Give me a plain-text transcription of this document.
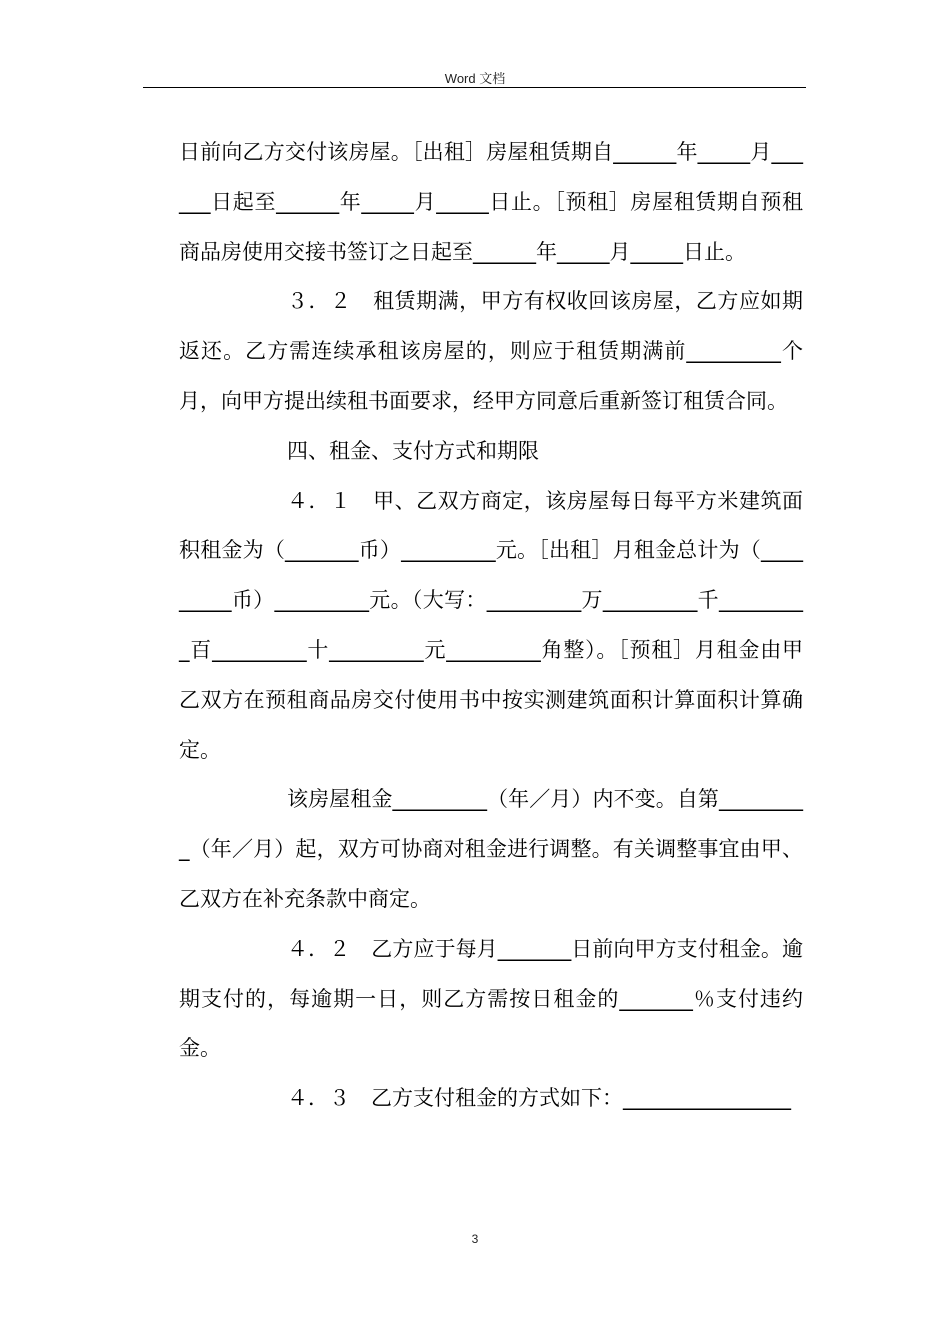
Word 文档

日前向乙方交付该房屋。［出租］房屋租赁期自______年_____月______日起至______年_____月_____日止。［预租］房屋租赁期自预租商品房使用交接书签订之日起至______年_____月_____日止。

３．２　租赁期满，甲方有权收回该房屋，乙方应如期返还。乙方需连续承租该房屋的，则应于租赁期满前_________个月，向甲方提出续租书面要求，经甲方同意后重新签订租赁合同。

四、租金、支付方式和期限

４．１　甲、乙双方商定，该房屋每日每平方米建筑面积租金为（_______币）_________元。［出租］月租金总计为（_________币）_________元。（大写：_________万_________千_________百_________十_________元_________角整）。［预租］月租金由甲乙双方在预租商品房交付使用书中按实测建筑面积计算面积计算确定。

该房屋租金_________（年／月）内不变。自第_________（年／月）起，双方可协商对租金进行调整。有关调整事宜由甲、乙双方在补充条款中商定。

４．２　乙方应于每月_______日前向甲方支付租金。逾期支付的，每逾期一日，则乙方需按日租金的_______％支付违约金。

４．３　乙方支付租金的方式如下：________________

3
